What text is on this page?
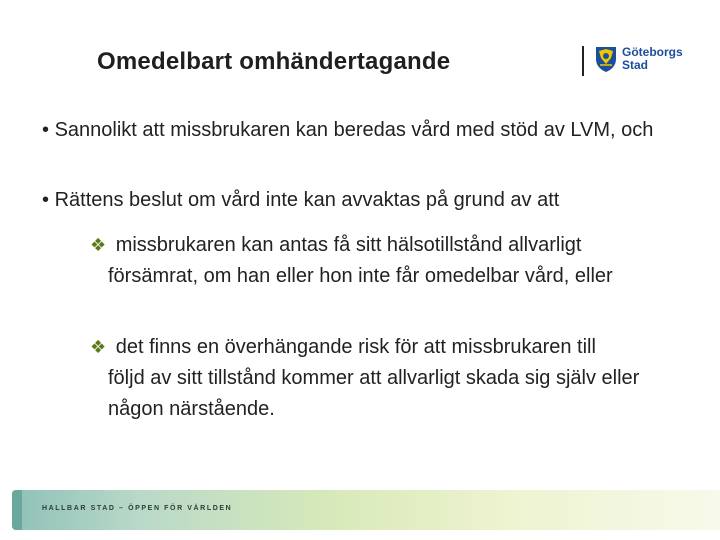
Omedelbart omhändertagande	Göteborgs
Stad

• Sannolikt att missbrukaren kan beredas vård med stöd av LVM, och

• Rättens beslut om vård inte kan avvaktas på grund av att

❖ missbrukaren kan antas få sitt hälsotillstånd allvarligt
försämrat, om han eller hon inte får omedelbar vård, eller
❖ det finns en överhängande risk för att missbrukaren till
följd av sitt tillstånd kommer att allvarligt skada sig själv eller någon närstående.
HALLBAR STAD – ÖPPEN FÖR VÄRLDEN
